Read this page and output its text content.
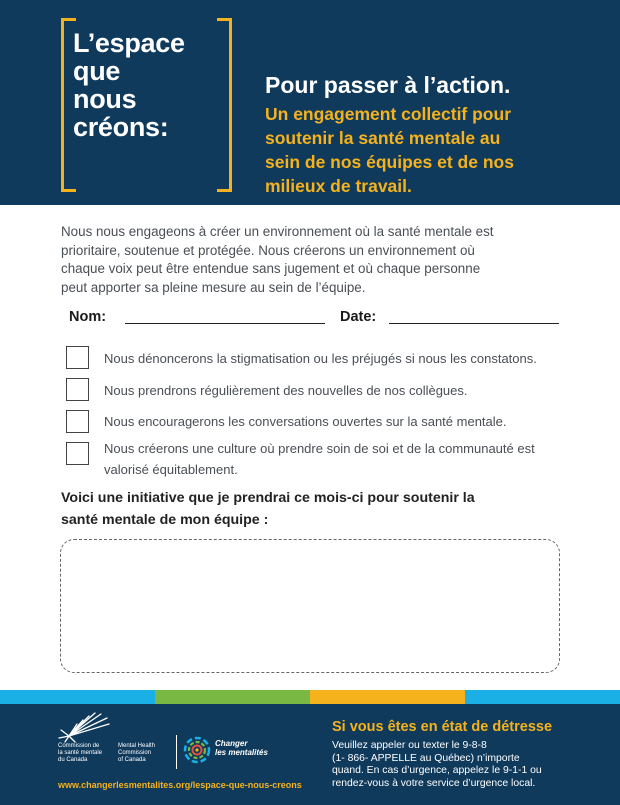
L’espace
que
nous
créons:
Pour passer à l’action.
Un engagement collectif pour
soutenir la santé mentale au
sein de nos équipes et de nos
milieux de travail.
Nous nous engageons à créer un environnement où la santé mentale est
prioritaire, soutenue et protégée. Nous créerons un environnement où
chaque voix peut être entendue sans jugement et où chaque personne
peut apporter sa pleine mesure au sein de l’équipe.
Nom:	Date:
Nous dénoncerons la stigmatisation ou les préjugés si nous les constatons.
Nous prendrons régulièrement des nouvelles de nos collègues.
Nous encouragerons les conversations ouvertes sur la santé mentale.
Nous créerons une culture où prendre soin de soi et de la communauté est
valorisé équitablement.
Voici une initiative que je prendrai ce mois-ci pour soutenir la
santé mentale de mon équipe :
Commission de
la santé mentale
du Canada
Mental Health
Commission
of Canada
Changer
les mentalités
www.changerlesmentalites.org/lespace-que-nous-creons
Si vous êtes en état de détresse
Veuillez appeler ou texter le 9-8-8
(1- 866- APPELLE au Québec) n’importe
quand. En cas d’urgence, appelez le 9-1-1 ou
rendez-vous à votre service d’urgence local.
